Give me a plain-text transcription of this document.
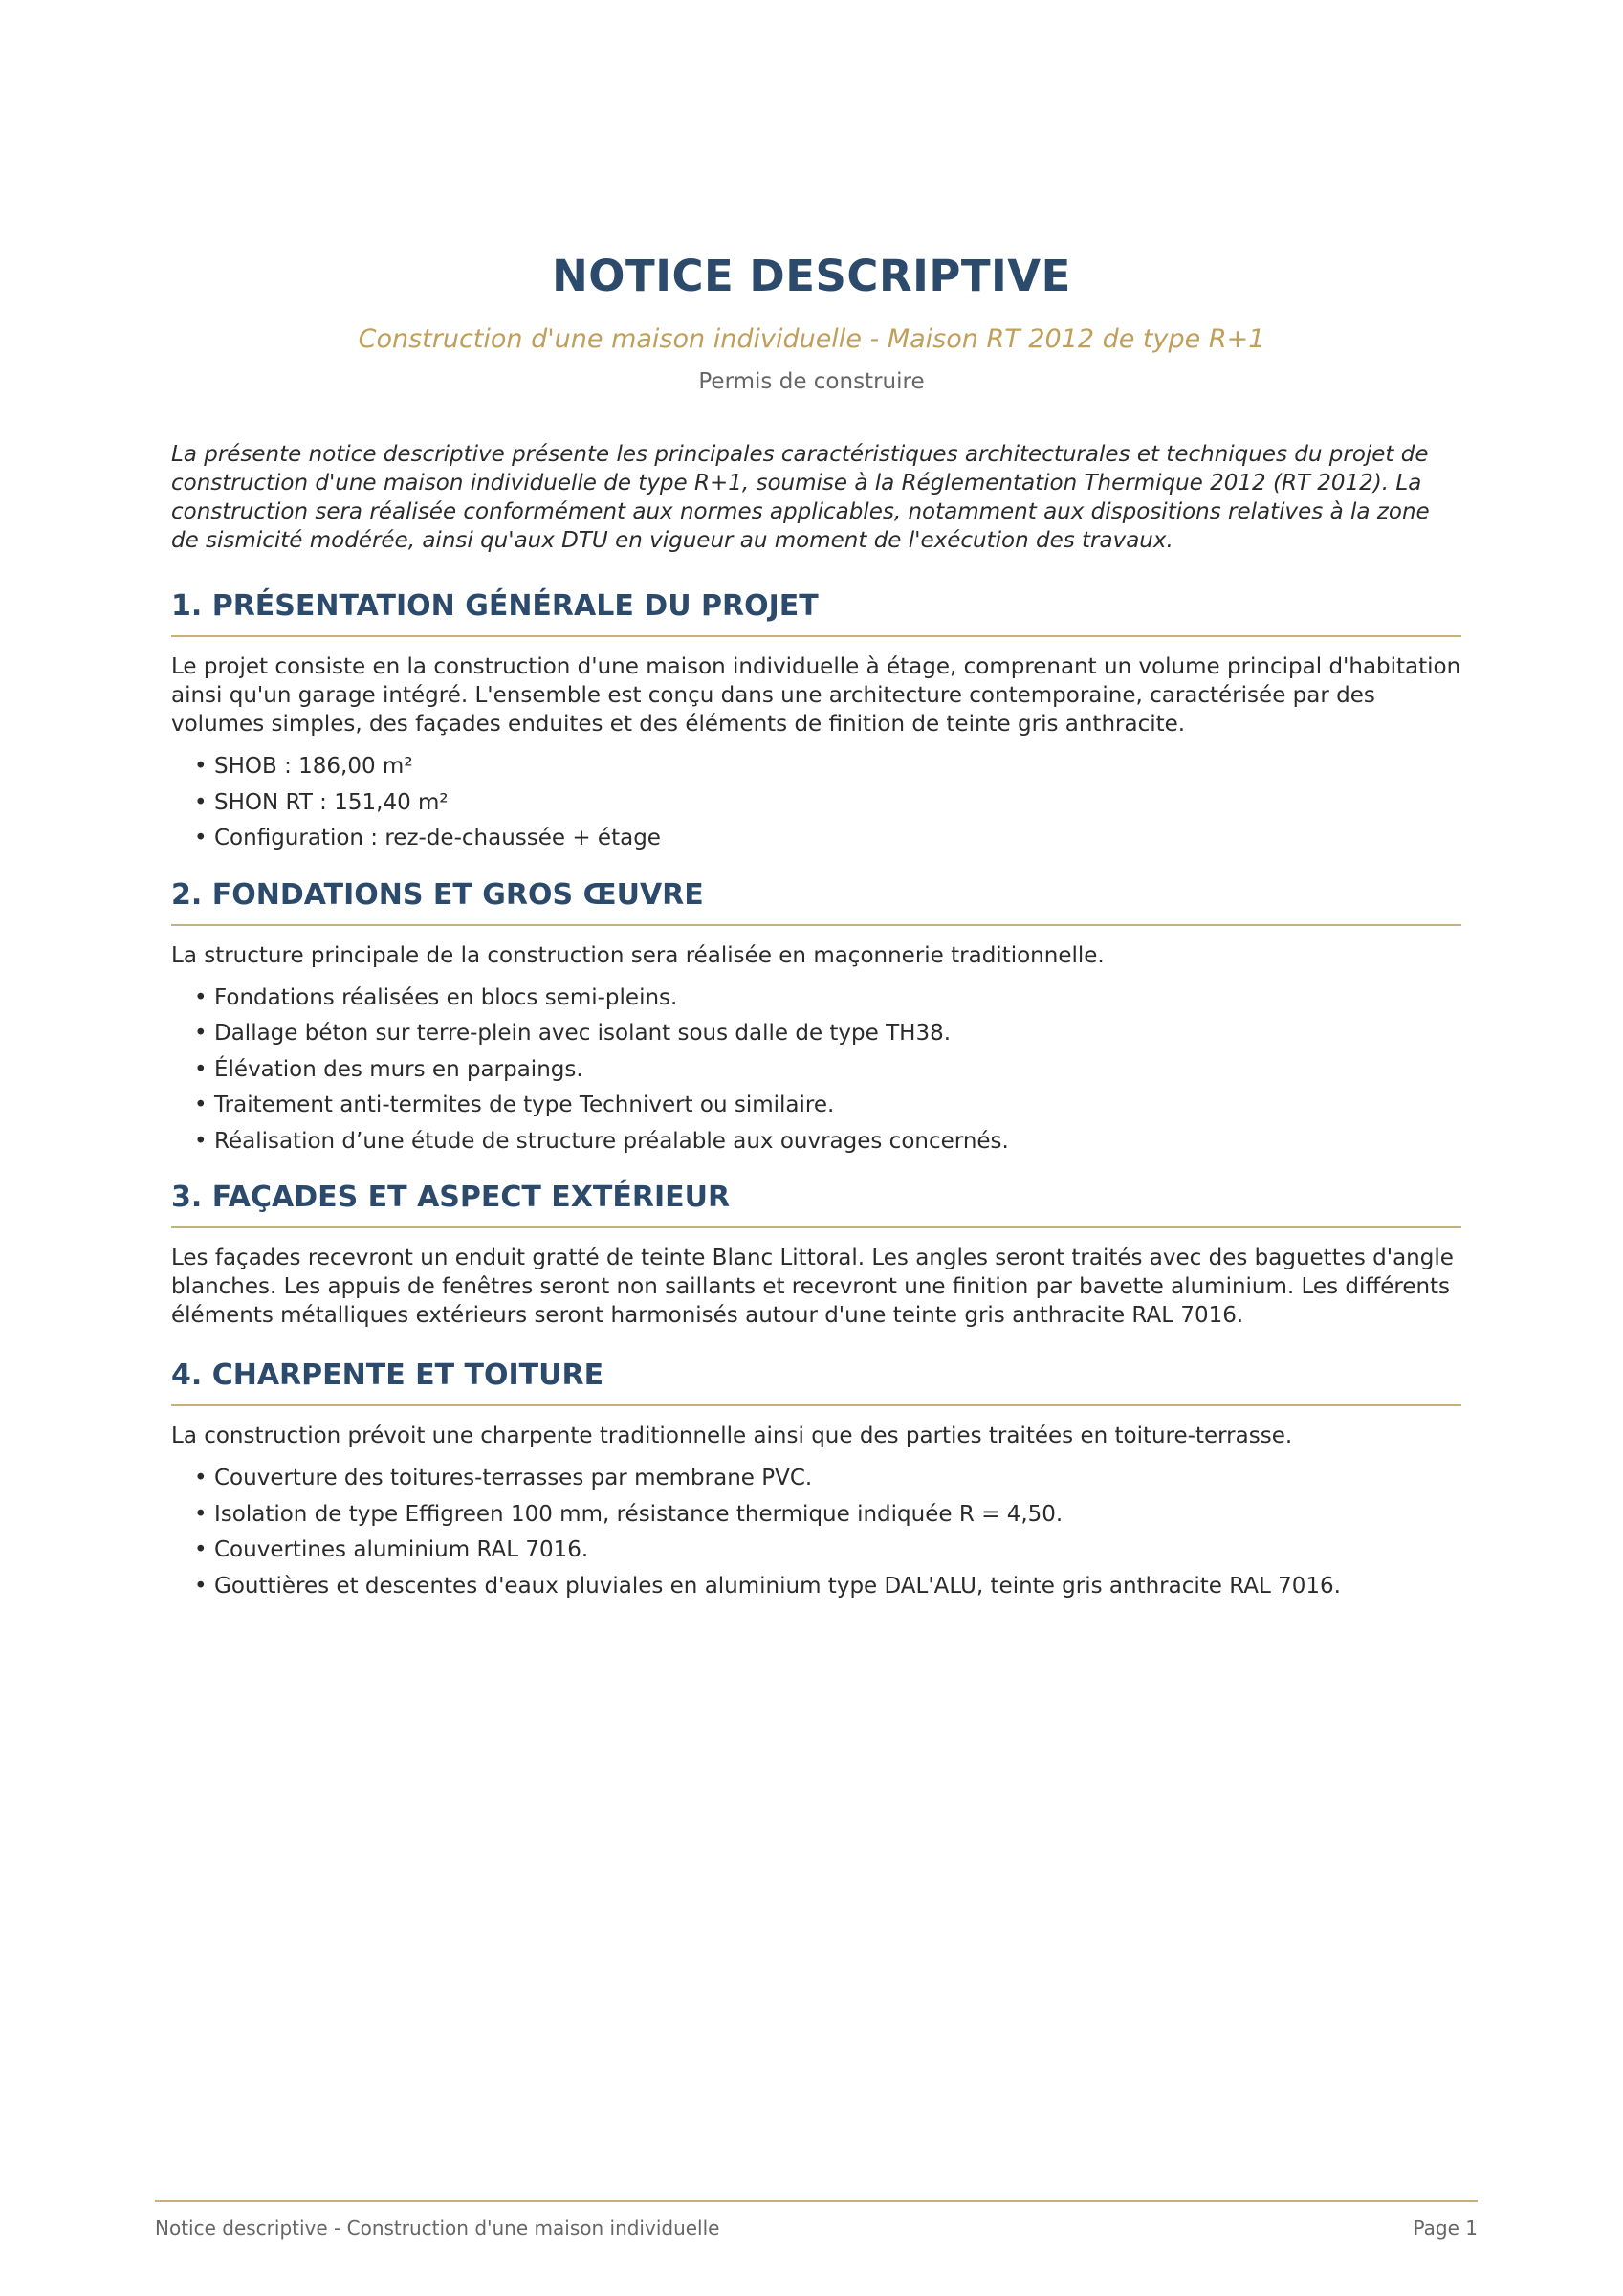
NOTICE DESCRIPTIVE
Construction d'une maison individuelle - Maison RT 2012 de type R+1
Permis de construire

La présente notice descriptive présente les principales caractéristiques architecturales et techniques du projet de construction d'une maison individuelle de type R+1, soumise à la Réglementation Thermique 2012 (RT 2012). La construction sera réalisée conformément aux normes applicables, notamment aux dispositions relatives à la zone de sismicité modérée, ainsi qu'aux DTU en vigueur au moment de l'exécution des travaux.

1. PRÉSENTATION GÉNÉRALE DU PROJET

Le projet consiste en la construction d'une maison individuelle à étage, comprenant un volume principal d'habitation ainsi qu'un garage intégré. L'ensemble est conçu dans une architecture contemporaine, caractérisée par des volumes simples, des façades enduites et des éléments de finition de teinte gris anthracite.

• SHOB : 186,00 m²
• SHON RT : 151,40 m²
• Configuration : rez-de-chaussée + étage
2. FONDATIONS ET GROS ŒUVRE

La structure principale de la construction sera réalisée en maçonnerie traditionnelle.

• Fondations réalisées en blocs semi-pleins.
• Dallage béton sur terre-plein avec isolant sous dalle de type TH38.
• Élévation des murs en parpaings.
• Traitement anti-termites de type Technivert ou similaire.
• Réalisation d’une étude de structure préalable aux ouvrages concernés.
3. FAÇADES ET ASPECT EXTÉRIEUR

Les façades recevront un enduit gratté de teinte Blanc Littoral. Les angles seront traités avec des baguettes d'angle blanches. Les appuis de fenêtres seront non saillants et recevront une finition par bavette aluminium. Les différents éléments métalliques extérieurs seront harmonisés autour d'une teinte gris anthracite RAL 7016.

4. CHARPENTE ET TOITURE

La construction prévoit une charpente traditionnelle ainsi que des parties traitées en toiture-terrasse.

• Couverture des toitures-terrasses par membrane PVC.
• Isolation de type Effigreen 100 mm, résistance thermique indiquée R = 4,50.
• Couvertines aluminium RAL 7016.
• Gouttières et descentes d'eaux pluviales en aluminium type DAL'ALU, teinte gris anthracite RAL 7016.
Notice descriptive - Construction d'une maison individuelle	Page 1
